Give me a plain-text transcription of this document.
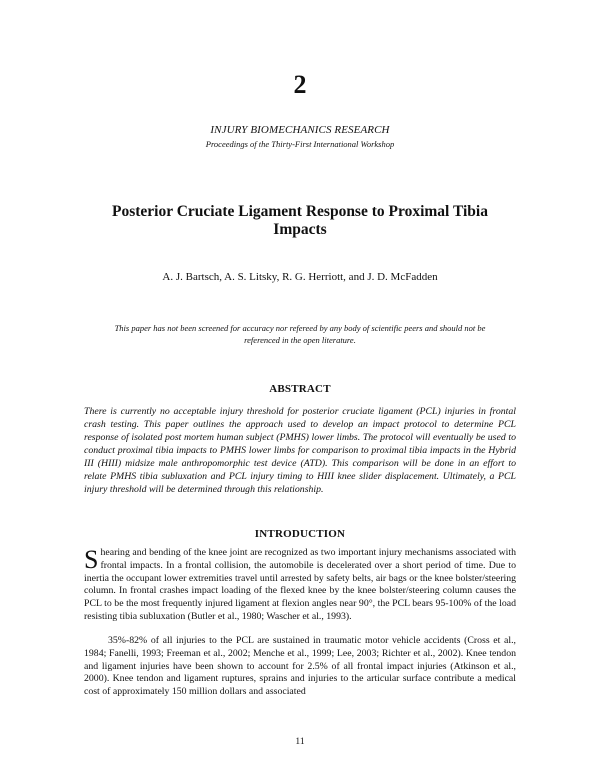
2
INJURY BIOMECHANICS RESEARCH
Proceedings of the Thirty-First International Workshop
Posterior Cruciate Ligament Response to Proximal Tibia Impacts
A. J. Bartsch, A. S. Litsky, R. G. Herriott, and J. D. McFadden
This paper has not been screened for accuracy nor refereed by any body of scientific peers and should not be referenced in the open literature.
ABSTRACT
There is currently no acceptable injury threshold for posterior cruciate ligament (PCL) injuries in frontal crash testing. This paper outlines the approach used to develop an impact protocol to determine PCL response of isolated post mortem human subject (PMHS) lower limbs. The protocol will eventually be used to conduct proximal tibia impacts to PMHS lower limbs for comparison to proximal tibia impacts in the Hybrid III (HIII) midsize male anthropomorphic test device (ATD). This comparison will be done in an effort to relate PMHS tibia subluxation and PCL injury timing to HIII knee slider displacement. Ultimately, a PCL injury threshold will be determined through this relationship.
INTRODUCTION
Shearing and bending of the knee joint are recognized as two important injury mechanisms associated with frontal impacts. In a frontal collision, the automobile is decelerated over a short period of time. Due to inertia the occupant lower extremities travel until arrested by safety belts, air bags or the knee bolster/steering column. In frontal crashes impact loading of the flexed knee by the knee bolster/steering column causes the PCL to be the most frequently injured ligament at flexion angles near 90°, the PCL bears 95-100% of the load resisting tibia subluxation (Butler et al., 1980; Wascher et al., 1993).
35%-82% of all injuries to the PCL are sustained in traumatic motor vehicle accidents (Cross et al., 1984; Fanelli, 1993; Freeman et al., 2002; Menche et al., 1999; Lee, 2003; Richter et al., 2002). Knee tendon and ligament injuries have been shown to account for 2.5% of all frontal impact injuries (Atkinson et al., 2000). Knee tendon and ligament ruptures, sprains and injuries to the articular surface contribute a medical cost of approximately 150 million dollars and associated
11
